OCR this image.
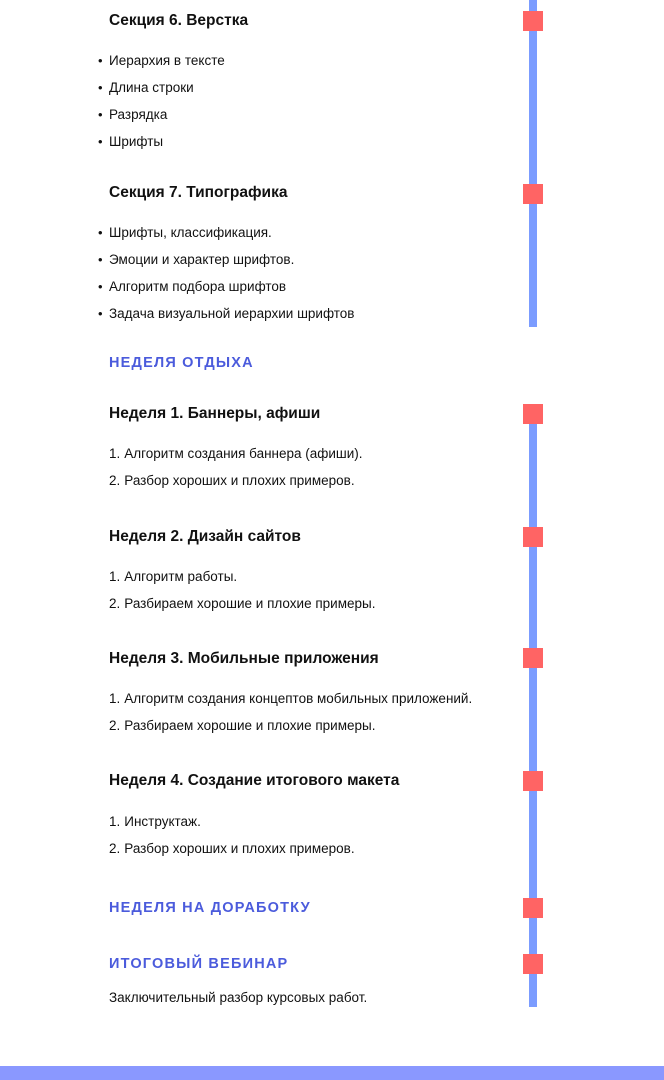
Секция 6. Верстка
• Иерархия в тексте
• Длина строки
• Разрядка
• Шрифты
Секция 7. Типографика
• Шрифты, классификация.
• Эмоции и характер шрифтов.
• Алгоритм подбора шрифтов
• Задача визуальной иерархии шрифтов
НЕДЕЛЯ ОТДЫХА
Неделя 1. Баннеры, афиши
1. Алгоритм создания баннера (афиши).
2. Разбор хороших и плохих примеров.
Неделя 2. Дизайн сайтов
1. Алгоритм работы.
2. Разбираем хорошие и плохие примеры.
Неделя 3. Мобильные приложения
1. Алгоритм создания концептов мобильных приложений.
2. Разбираем хорошие и плохие примеры.
Неделя 4. Создание итогового макета
1. Инструктаж.
2. Разбор хороших и плохих примеров.
НЕДЕЛЯ НА ДОРАБОТКУ
ИТОГОВЫЙ ВЕБИНАР
Заключительный разбор курсовых работ.
